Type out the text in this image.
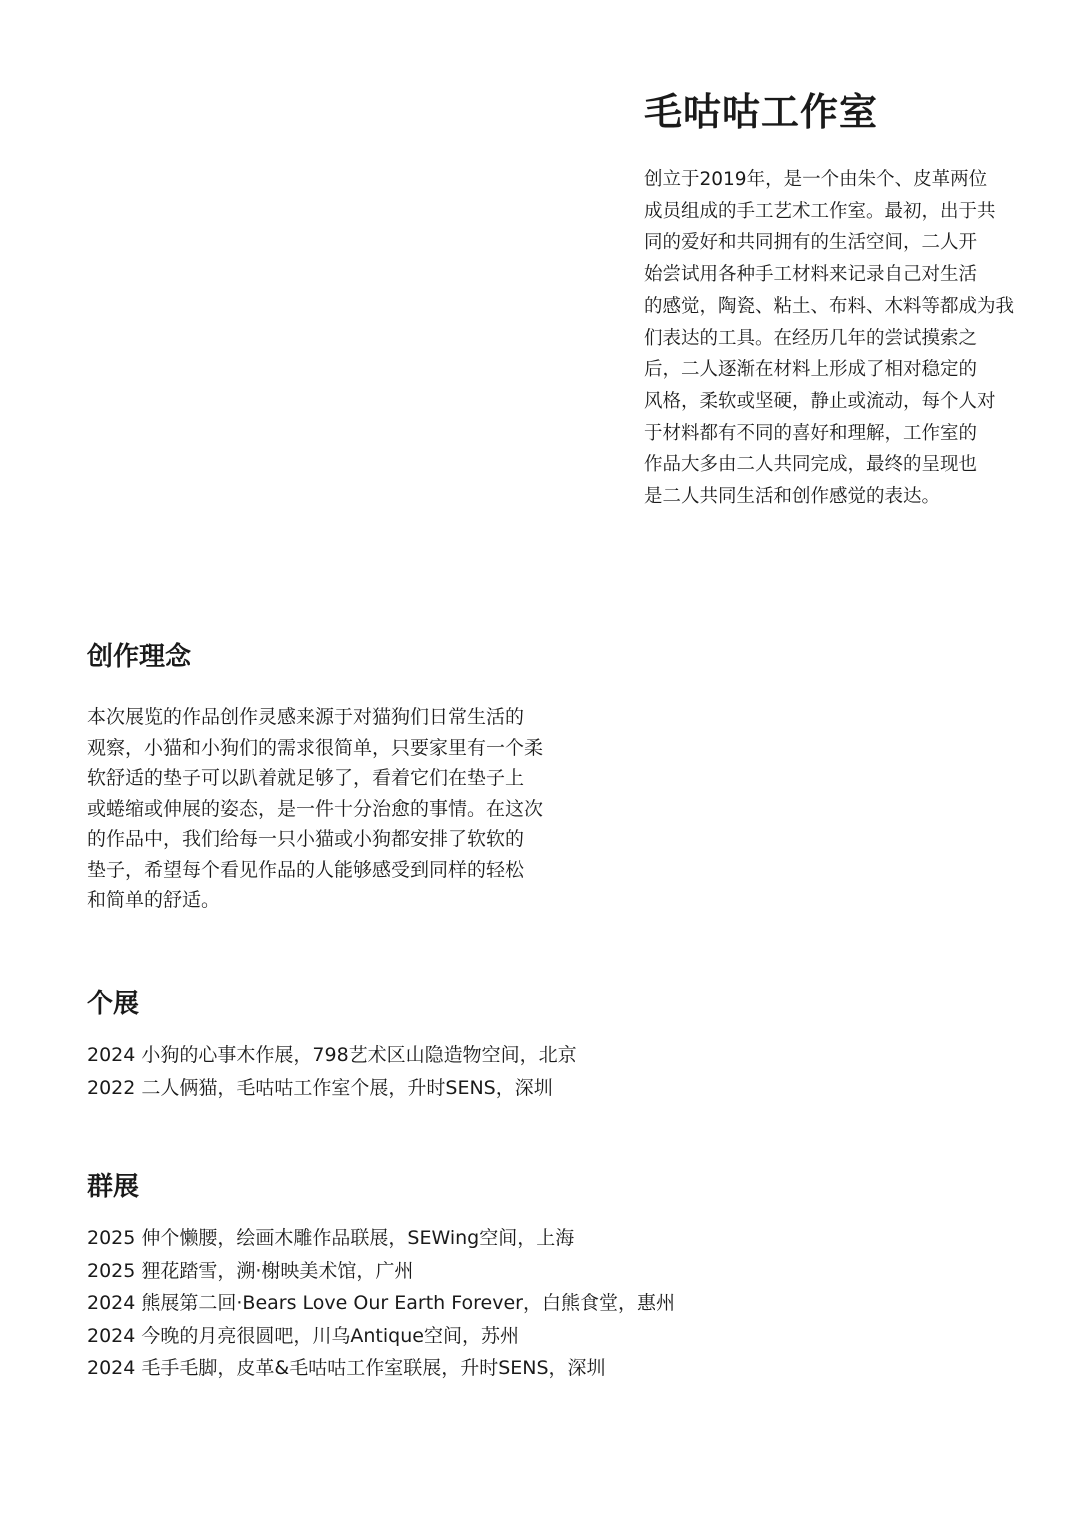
毛咕咕工作室
创立于2019年，是一个由朱个、皮革两位
成员组成的手工艺术工作室。最初，出于共
同的爱好和共同拥有的生活空间，二人开
始尝试用各种手工材料来记录自己对生活
的感觉，陶瓷、粘土、布料、木料等都成为我
们表达的工具。在经历几年的尝试摸索之
后，二人逐渐在材料上形成了相对稳定的
风格，柔软或坚硬，静止或流动，每个人对
于材料都有不同的喜好和理解，工作室的
作品大多由二人共同完成，最终的呈现也
是二人共同生活和创作感觉的表达。
创作理念
本次展览的作品创作灵感来源于对猫狗们日常生活的
观察，小猫和小狗们的需求很简单，只要家里有一个柔
软舒适的垫子可以趴着就足够了，看着它们在垫子上
或蜷缩或伸展的姿态，是一件十分治愈的事情。在这次
的作品中，我们给每一只小猫或小狗都安排了软软的
垫子，希望每个看见作品的人能够感受到同样的轻松
和简单的舒适。
个展
2024 小狗的心事木作展，798艺术区山隐造物空间，北京
2022 二人俩猫，毛咕咕工作室个展，升时SENS，深圳
群展
2025 伸个懒腰，绘画木雕作品联展，SEWing空间，上海
2025 狸花踏雪，溯·榭映美术馆，广州
2024 熊展第二回·Bears Love Our Earth Forever，白熊食堂，惠州
2024 今晚的月亮很圆吧，川乌Antique空间，苏州
2024 毛手毛脚，皮革&毛咕咕工作室联展，升时SENS，深圳
